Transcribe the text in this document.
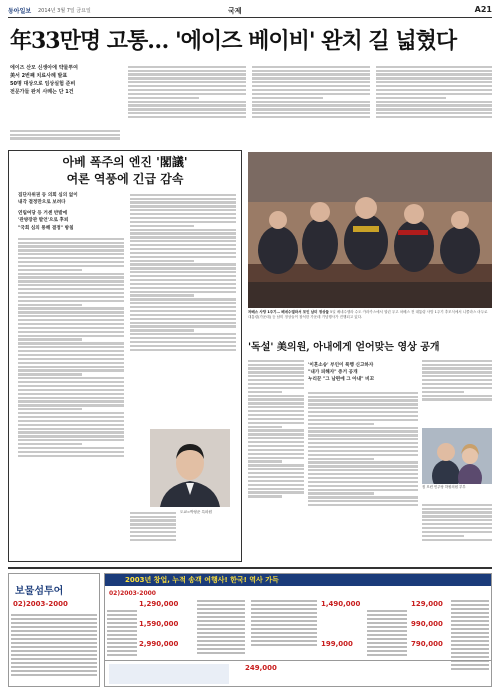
동아일보 2014년 3월 7일 금요일	국제	A21
年33만명 고통… '에이즈 베이비' 완치 길 넓혔다
에이즈 산모 신생아에 약물투여
美서 2번째 치료사례 발표
50명 대상으로 임상실험 준비
전문가들 완치 사례는 단 1건
아베 폭주의 엔진 '閣議'
여론 역풍에 긴급 감속
집단자위권 등 의회 심의 없이
내각 결정만으로 보려다
연립여당 등 거센 반발에
'관방장관 발언'으로 후퇴
"국회 심의 통해 결정" 방침
도쿄=박형준 특파원
차베스 사망 1주기… 베네수엘라서 모인 남미 정상들 5일 베네수엘라 수도 카라카스에서 열린 우고 차베스 전 대통령 사망 1주기 추모식에서 니콜라스 마두로 대통령(가운데) 등 남미 정상들이 참석한 가운데 기념행사가 진행되고 있다.
'독설' 美의원, 아내에게 얻어맞는 영상 공개
'이혼소송' 부인이 폭행 신고하자
"내가 피해자" 증거 공개
누리꾼 "그 남편에 그 아내" 비꼬
짐 모런 민주당 하원의원 부부
보물섬투어
02)2003-2000
2003년 창업, 누적 송객 여행사! 한국! 역사 가득
02)2003-2000
1,290,000
1,590,000
2,990,000
1,490,000
249,000
199,000
129,000
990,000
790,000
